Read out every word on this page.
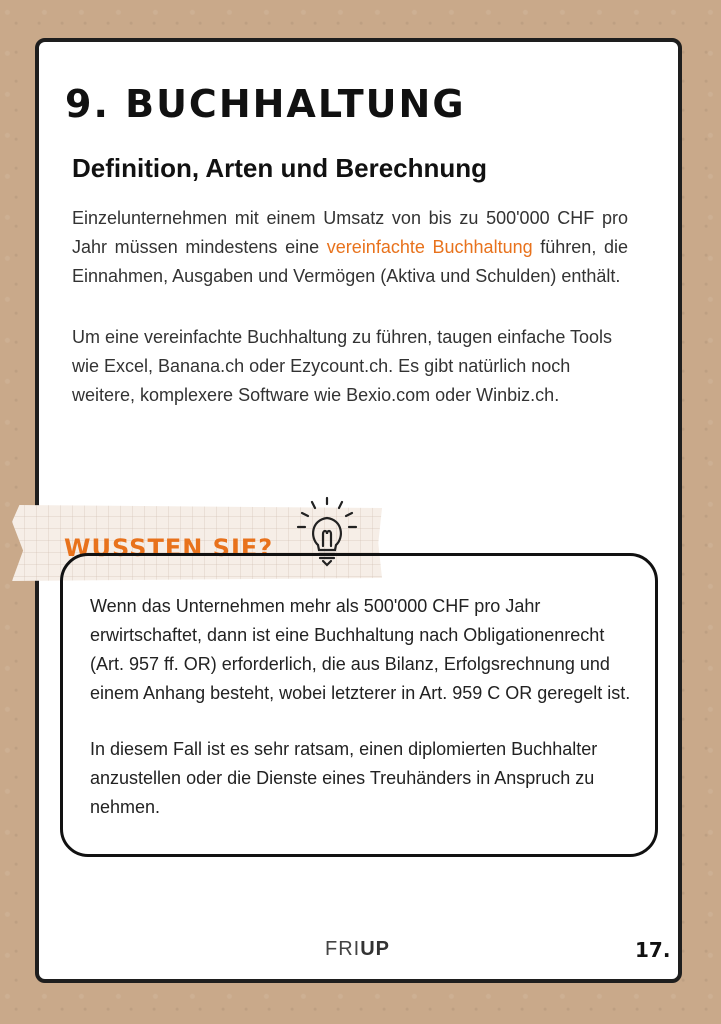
9. BUCHHALTUNG
Definition, Arten und Berechnung

Einzelunternehmen mit einem Umsatz von bis zu 500'000 CHF pro Jahr müssen mindestens eine vereinfachte Buchhaltung führen, die Einnahmen, Ausgaben und Vermögen (Aktiva und Schulden) enthält.

Um eine vereinfachte Buchhaltung zu führen, taugen einfache Tools wie Excel, Banana.ch oder Ezycount.ch. Es gibt natürlich noch weitere, komplexere Software wie Bexio.com oder Winbiz.ch.

WUSSTEN SIE?

Wenn das Unternehmen mehr als 500'000 CHF pro Jahr erwirtschaftet, dann ist eine Buchhaltung nach Obligationenrecht (Art. 957 ff. OR) erforderlich, die aus Bilanz, Erfolgsrechnung und einem Anhang besteht, wobei letzterer in Art. 959 C OR geregelt ist.

In diesem Fall ist es sehr ratsam, einen diplomierten Buchhalter anzustellen oder die Dienste eines Treuhänders in Anspruch zu nehmen.

FRIUP	17.
